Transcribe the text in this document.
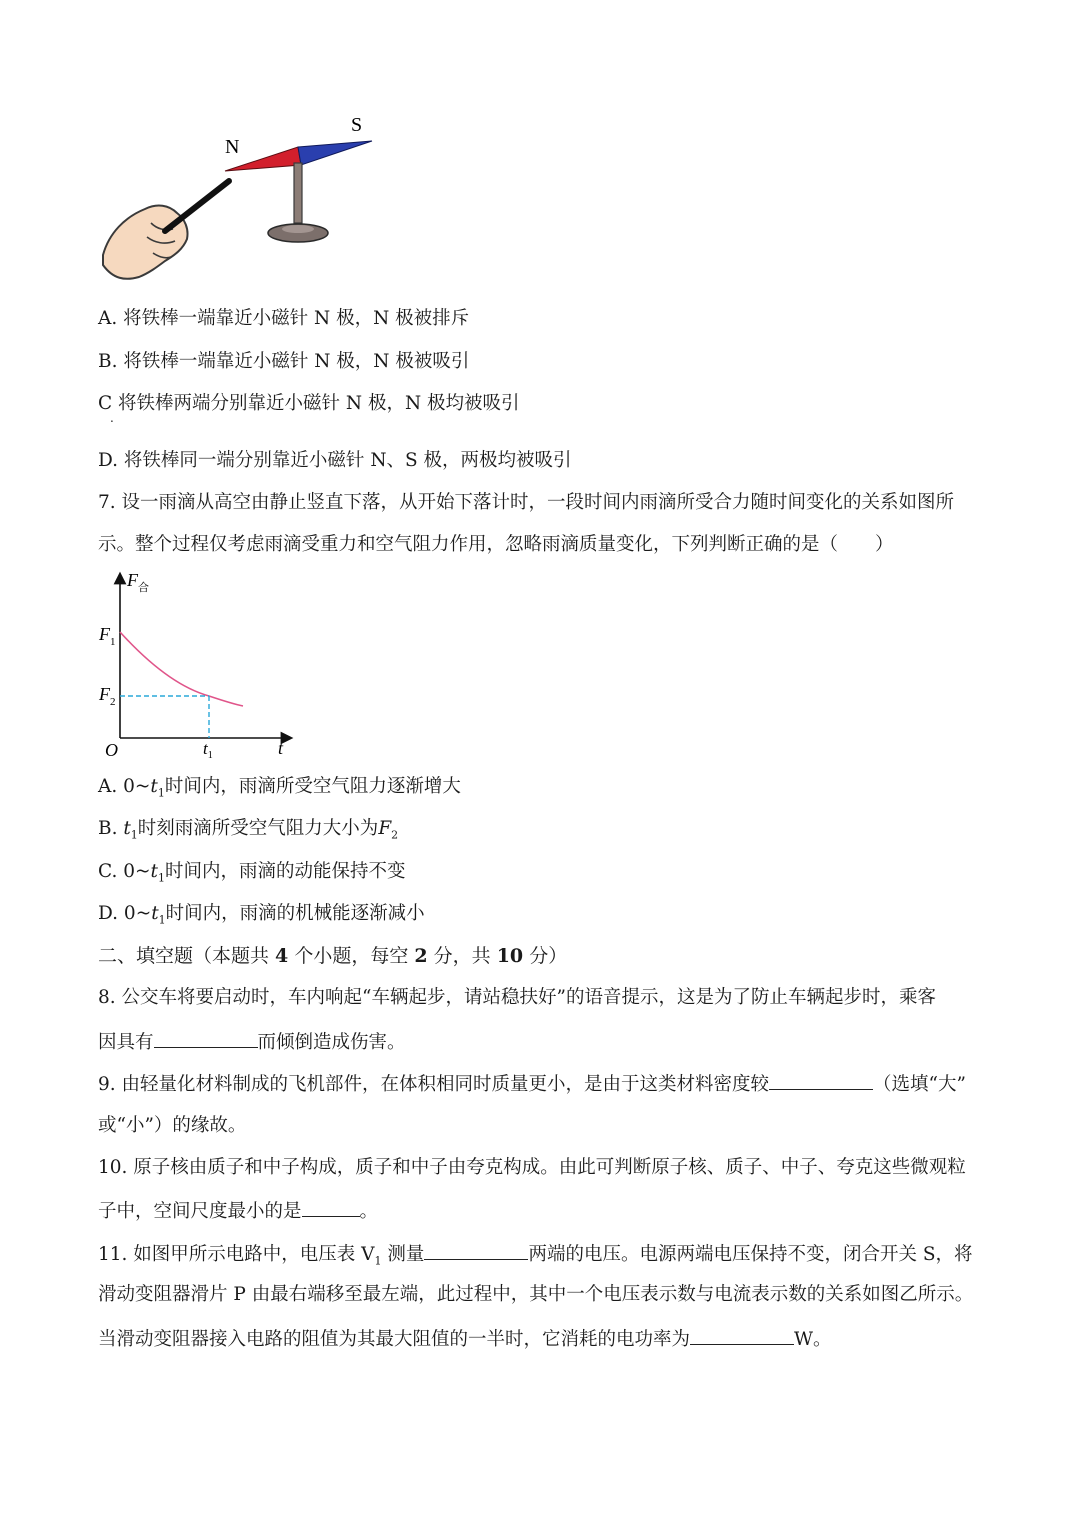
N
S
A. 将铁棒一端靠近小磁针 N 极，N 极被排斥
B. 将铁棒一端靠近小磁针 N 极，N 极被吸引
C 将铁棒两端分别靠近小磁针 N 极，N 极均被吸引
.
D. 将铁棒同一端分别靠近小磁针 N、S 极，两极均被吸引
7. 设一雨滴从高空由静止竖直下落，从开始下落计时，一段时间内雨滴所受合力随时间变化的关系如图所
示。整个过程仅考虑雨滴受重力和空气阻力作用，忽略雨滴质量变化，下列判断正确的是（　　）
$F_合$
$F_1$
$F_2$
O	$t_1$	t
A. $0\sim t_1$时间内，雨滴所受空气阻力逐渐增大
B. $t_1$时刻雨滴所受空气阻力大小为$F_2$
C. $0\sim t_1$时间内，雨滴的动能保持不变
D. $0\sim t_1$时间内，雨滴的机械能逐渐减小
二、填空题（本题共 4 个小题，每空 2 分，共 10 分）
8. 公交车将要启动时，车内响起“车辆起步，请站稳扶好”的语音提示，这是为了防止车辆起步时，乘客
因具有	而倾倒造成伤害。
9. 由轻量化材料制成的飞机部件，在体积相同时质量更小，是由于这类材料密度较	（选填“大”
或“小”）的缘故。
10. 原子核由质子和中子构成，质子和中子由夸克构成。由此可判断原子核、质子、中子、夸克这些微观粒
子中，空间尺度最小的是	。
11. 如图甲所示电路中，电压表 $V_1$ 测量	两端的电压。电源两端电压保持不变，闭合开关 S，将
滑动变阻器滑片 P 由最右端移至最左端，此过程中，其中一个电压表示数与电流表示数的关系如图乙所示。
当滑动变阻器接入电路的阻值为其最大阻值的一半时，它消耗的电功率为	W。
